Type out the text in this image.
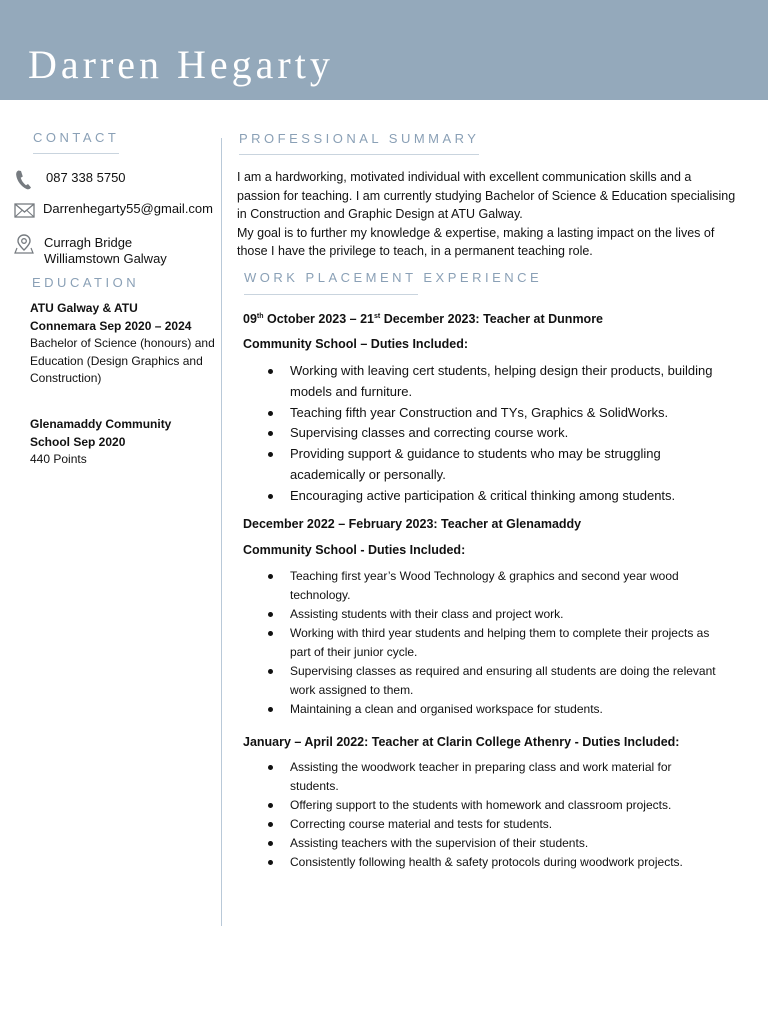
Darren Hegarty
CONTACT
087 338 5750
Darrenhegarty55@gmail.com
Curragh Bridge
Williamstown Galway
EDUCATION
ATU Galway & ATU
Connemara Sep 2020 – 2024
Bachelor of Science (honours) and Education (Design Graphics and Construction)
Glenamaddy Community
School Sep 2020
440 Points
PROFESSIONAL SUMMARY

I am a hardworking, motivated individual with excellent communication skills and a passion for teaching. I am currently studying Bachelor of Science & Education specialising in Construction and Graphic Design at ATU Galway.

My goal is to further my knowledge & expertise, making a lasting impact on the lives of those I have the privilege to teach, in a permanent teaching role.

WORK PLACEMENT EXPERIENCE
09th October 2023 – 21st December 2023: Teacher at Dunmore
Community School – Duties Included:
Working with leaving cert students, helping design their products, building models and furniture.
Teaching fifth year Construction and TYs, Graphics & SolidWorks.
Supervising classes and correcting course work.
Providing support & guidance to students who may be struggling academically or personally.
Encouraging active participation & critical thinking among students.
December 2022 – February 2023: Teacher at Glenamaddy
Community School - Duties Included:
Teaching first year’s Wood Technology & graphics and second year wood technology.
Assisting students with their class and project work.
Working with third year students and helping them to complete their projects as part of their junior cycle.
Supervising classes as required and ensuring all students are doing the relevant work assigned to them.
Maintaining a clean and organised workspace for students.
January – April 2022: Teacher at Clarin College Athenry - Duties Included:
Assisting the woodwork teacher in preparing class and work material for students.
Offering support to the students with homework and classroom projects.
Correcting course material and tests for students.
Assisting teachers with the supervision of their students.
Consistently following health & safety protocols during woodwork projects.
